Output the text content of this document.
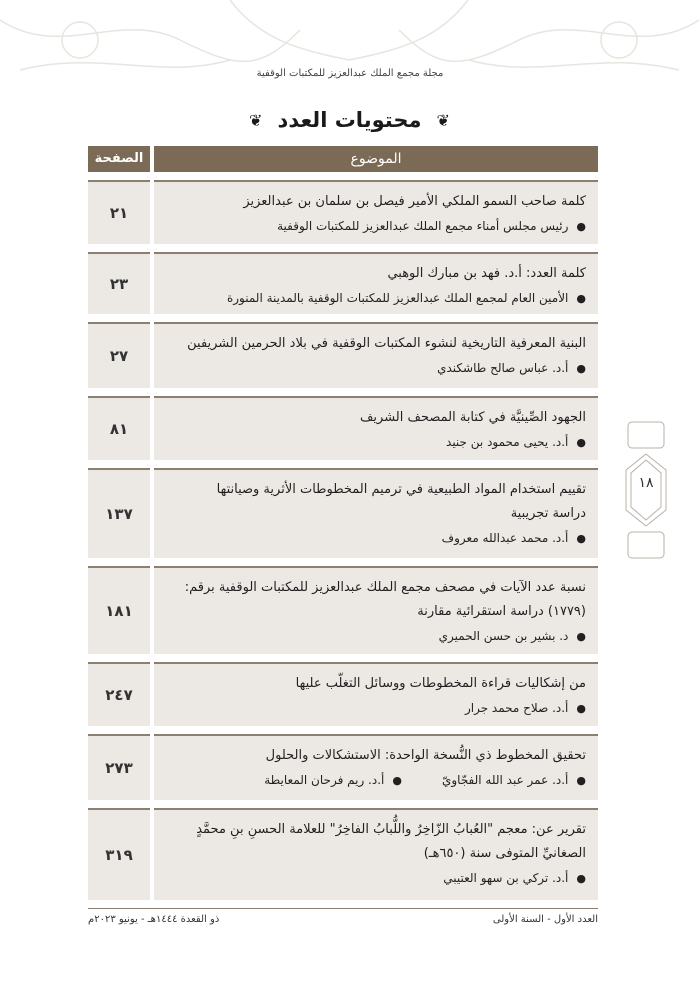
مجلة مجمع الملك عبدالعزيز للمكتبات الوقفية
❦ محتويات العدد ❦
الموضوع
الصفحة
٢١
كلمة صاحب السمو الملكي الأمير فيصل بن سلمان بن عبدالعزيز
●رئيس مجلس أمناء مجمع الملك عبدالعزيز للمكتبات الوقفية
٢٣
كلمة العدد: أ.د. فهد بن مبارك الوهبي
●الأمين العام لمجمع الملك عبدالعزيز للمكتبات الوقفية بالمدينة المنورة
٢٧
البنية المعرفية التاريخية لنشوء المكتبات الوقفية في بلاد الحرمين الشريفين
●أ.د. عباس صالح طاشكندي
٨١
الجهود الصِّينيَّة في كتابة المصحف الشريف
●أ.د. يحيى محمود بن جنيد
١٣٧
تقييم استخدام المواد الطبيعية في ترميم المخطوطات الأثرية وصيانتها
دراسة تجريبية
●أ.د. محمد عبدالله معروف
١٨١
نسبة عدد الآيات في مصحف مجمع الملك عبدالعزيز للمكتبات الوقفية برقم:
(١٧٧٩) دراسة استقرائية مقارنة
●د. بشير بن حسن الحميري
٢٤٧
من إشكاليات قراءة المخطوطات ووسائل التغلّب عليها
●أ.د. صلاح محمد جرار
٢٧٣
تحقيق المخطوط ذي النُّسخة الواحدة: الاستشكالات والحلول
●أ.د. عمر عبد الله الفجّاويّ●أ.د. ريم فرحان المعايطة
٣١٩
تقرير عن: معجم "العُبابُ الزّاخِرُ واللُّبابُ الفاخِرُ" للعلامة الحسنِ بنِ محمَّدٍ
الصغانيِّ المتوفى سنة (٦٥٠هـ)
●أ.د. تركي بن سهو العتيبي
١٨
ذو القعدة ١٤٤٤هـ - يونيو ٢٠٢٣م	العدد الأول - السنة الأولى
